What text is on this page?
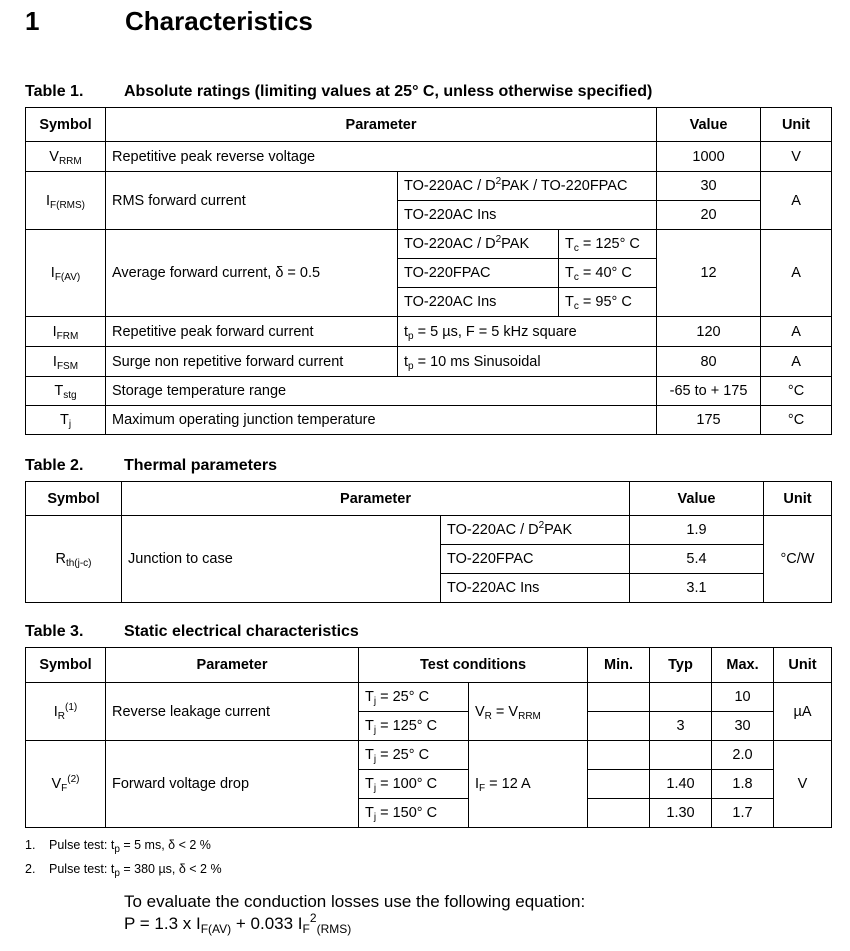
1	Characteristics
Table 1.	Absolute ratings (limiting values at 25° C, unless otherwise specified)
Symbol	Parameter			Value	Unit
$V_{RRM}$	Repetitive peak reverse voltage			1000	V
$I_{F(RMS)}$	RMS forward current	$TO-220AC / D^2PAK$ / TO-220FPAC		30	A
		TO-220AC Ins		20	
$I_{F(AV)}$	Average forward current, δ = 0.5	$TO-220AC / D^2PAK$	$T_c = 125^\circ$ C	12	A
		TO-220FPAC	$T_c = 40^\circ$ C		
		TO-220AC Ins	$T_c = 95^\circ$ C		
$I_{FRM}$	Repetitive peak forward current	$t_p = 5$ µs, F = 5 kHz square		120	A
$I_{FSM}$	Surge non repetitive forward current	$t_p = 10$ ms Sinusoidal		80	A
$T_{stg}$	Storage temperature range			-65 to + 175	°C
$T_j$	Maximum operating junction temperature			175	°C
Table 2.	Thermal parameters
Symbol	Parameter		Value	Unit
$R_{th(j-c)}$	Junction to case	$TO-220AC / D^2PAK$	1.9	°C/W
		TO-220FPAC	5.4	
		TO-220AC Ins	3.1	
Table 3.	Static electrical characteristics
Symbol	Parameter	Test conditions		Min.	Typ	Max.	Unit
$I_R^{(1)}$	Reverse leakage current	$T_j = 25^\circ$ C	$V_R = V_{RRM}$			10	µA
		$T_j = 125^\circ$ C			3	30	
$V_F^{(2)}$	Forward voltage drop	$T_j = 25^\circ$ C	$I_F = 12$ A			2.0	V
		$T_j = 100^\circ$ C			1.40	1.8	
		$T_j = 150^\circ$ C			1.30	1.7	
1. Pulse test: $t_p = 5$ ms, δ < 2 %
2. Pulse test: $t_p = 380$ µs, δ < 2 %
To evaluate the conduction losses use the following equation:
P = 1.3 x $I_{F(AV)} + 0.033$ $I_F^2_{(RMS)}$
